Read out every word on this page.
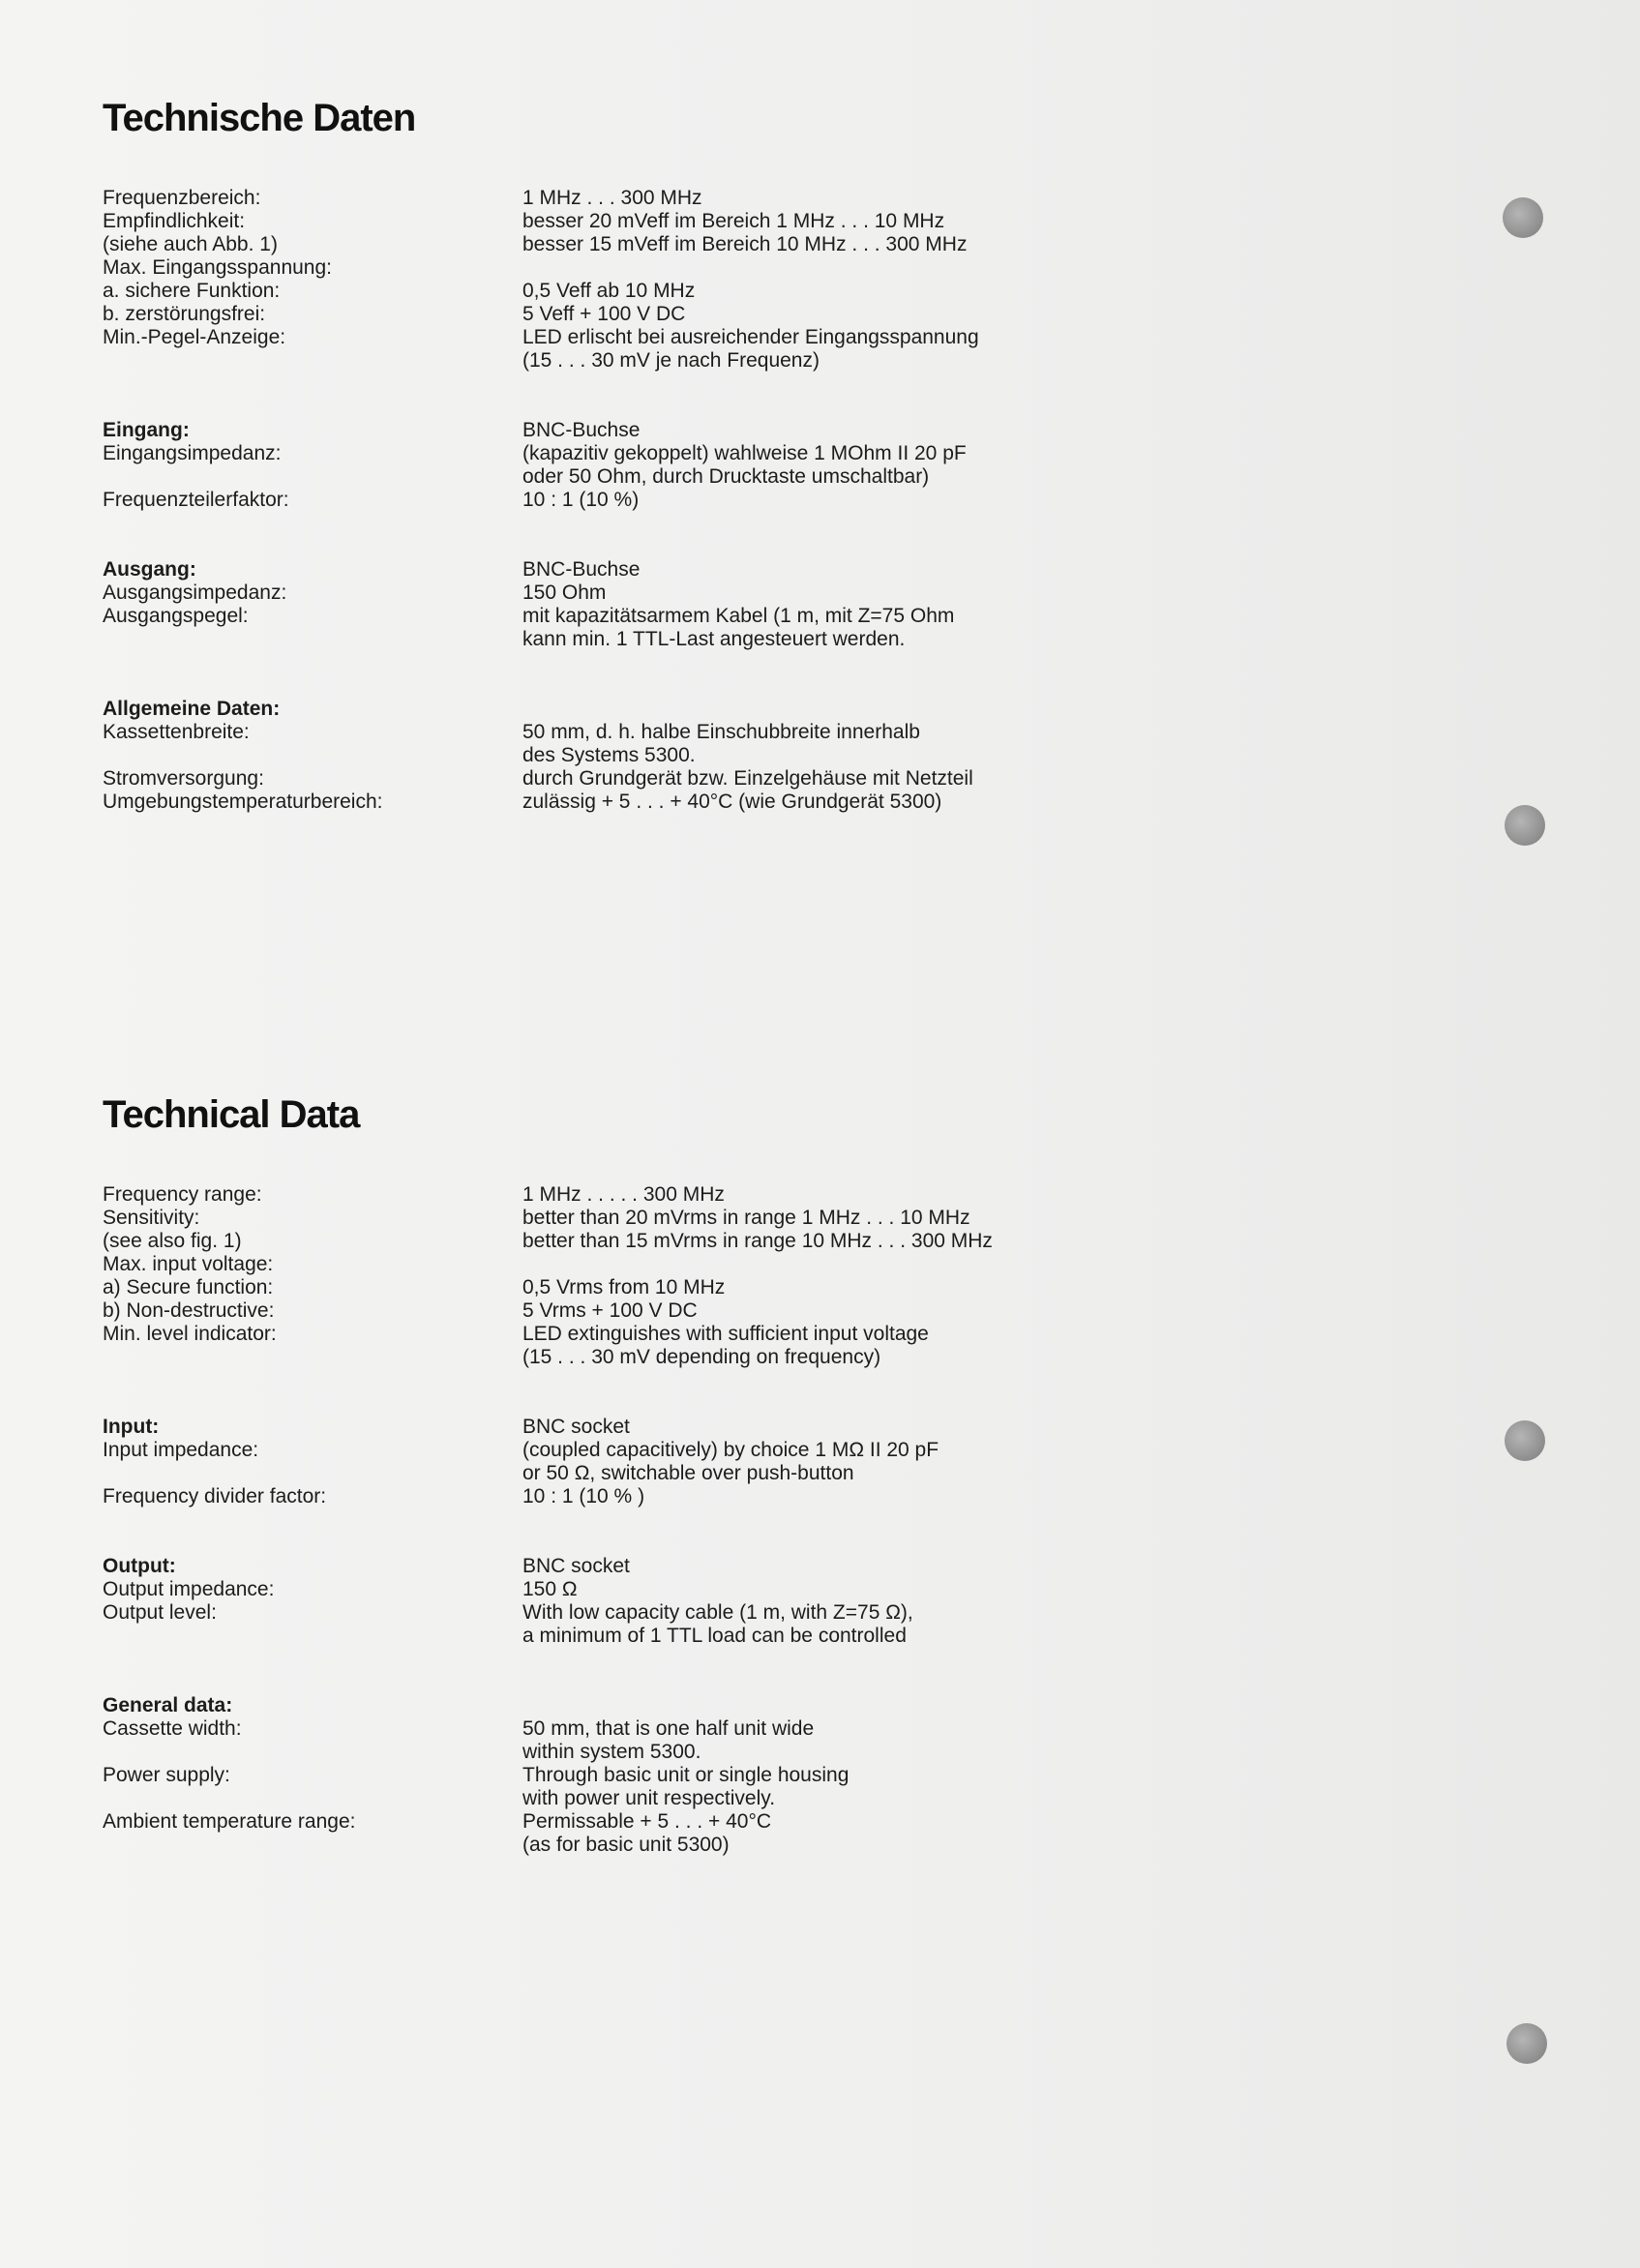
Technische Daten
Frequenzbereich:	1 MHz . . . 300 MHz
Empfindlichkeit:	besser 20 mVeff im Bereich 1 MHz . . . 10 MHz
(siehe auch Abb. 1)	besser 15 mVeff im Bereich 10 MHz . . . 300 MHz
Max. Eingangsspannung:
a. sichere Funktion:	0,5 Veff ab 10 MHz
b. zerstörungsfrei:	5 Veff + 100 V DC
Min.-Pegel-Anzeige:	LED erlischt bei ausreichender Eingangsspannung
(15 . . . 30 mV je nach Frequenz)
Eingang:	BNC-Buchse
Eingangsimpedanz:	(kapazitiv gekoppelt) wahlweise 1 MOhm II 20 pF
oder 50 Ohm, durch Drucktaste umschaltbar)
Frequenzteilerfaktor:	10 : 1 (10 %)
Ausgang:	BNC-Buchse
Ausgangsimpedanz:	150 Ohm
Ausgangspegel:	mit kapazitätsarmem Kabel (1 m, mit Z=75 Ohm
kann min. 1 TTL-Last angesteuert werden.
Allgemeine Daten:
Kassettenbreite:	50 mm, d. h. halbe Einschubbreite innerhalb
des Systems 5300.
Stromversorgung:	durch Grundgerät bzw. Einzelgehäuse mit Netzteil
Umgebungstemperaturbereich:	zulässig + 5 . . . + 40°C (wie Grundgerät 5300)
Technical Data
Frequency range:	1 MHz . . . . . 300 MHz
Sensitivity:	better than 20 mVrms in range 1 MHz . . . 10 MHz
(see also fig. 1)	better than 15 mVrms in range 10 MHz . . . 300 MHz
Max. input voltage:
a) Secure function:	0,5 Vrms from 10 MHz
b) Non-destructive:	5 Vrms + 100 V DC
Min. level indicator:	LED extinguishes with sufficient input voltage
(15 . . . 30 mV depending on frequency)
Input:	BNC socket
Input impedance:	(coupled capacitively) by choice 1 MΩ II 20 pF
or 50 Ω, switchable over push-button
Frequency divider factor:	10 : 1 (10 % )
Output:	BNC socket
Output impedance:	150 Ω
Output level:	With low capacity cable (1 m, with Z=75 Ω),
a minimum of 1 TTL load can be controlled
General data:
Cassette width:	50 mm, that is one half unit wide
within system 5300.
Power supply:	Through basic unit or single housing
with power unit respectively.
Ambient temperature range:	Permissable + 5 . . . + 40°C
(as for basic unit 5300)
